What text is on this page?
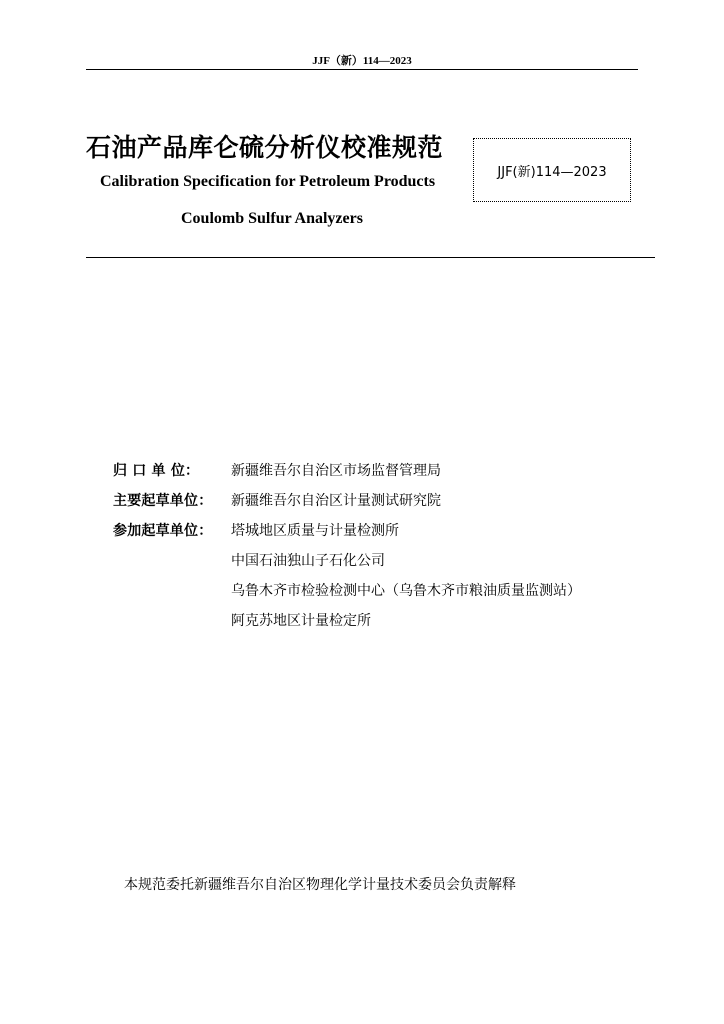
JJF（新）114—2023
石油产品库仑硫分析仪校准规范
Calibration Specification for Petroleum Products
Coulomb Sulfur Analyzers
JJF(新)114—2023
归 口 单 位：	新疆维吾尔自治区市场监督管理局
主要起草单位：	新疆维吾尔自治区计量测试研究院
参加起草单位：	塔城地区质量与计量检测所
中国石油独山子石化公司
乌鲁木齐市检验检测中心（乌鲁木齐市粮油质量监测站）
阿克苏地区计量检定所
本规范委托新疆维吾尔自治区物理化学计量技术委员会负责解释
